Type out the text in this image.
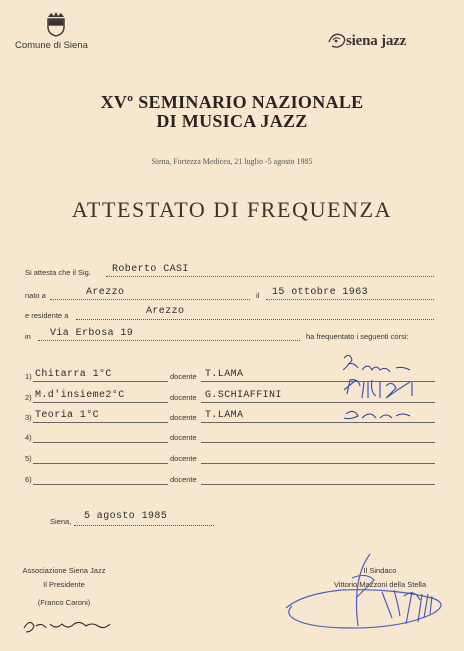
Comune di Siena	siena jazz
XVº SEMINARIO NAZIONALE
DI MUSICA JAZZ
Siena, Fortezza Medicea, 21 luglio -5 agosto 1985
ATTESTATO DI FREQUENZA
Si attesta che il Sig. Roberto CASI
nato a	Arezzo	il 15 ottobre 1963
e residente a	Arezzo
in Via Erbosa 19	ha frequentato i seguenti corsi:
1) Chitarra 1°C	docente T.LAMA
2) M.d'insieme2°C	docente G.SCHIAFFINI
3) Teoria 1°C	docente T.LAMA
4)	docente
5)	docente
6)	docente
Siena, 5 agosto 1985
Associazione Siena Jazz
Il Presidente
(Franco Caroni)
Il Sindaco
Vittorio Mazzoni della Stella
